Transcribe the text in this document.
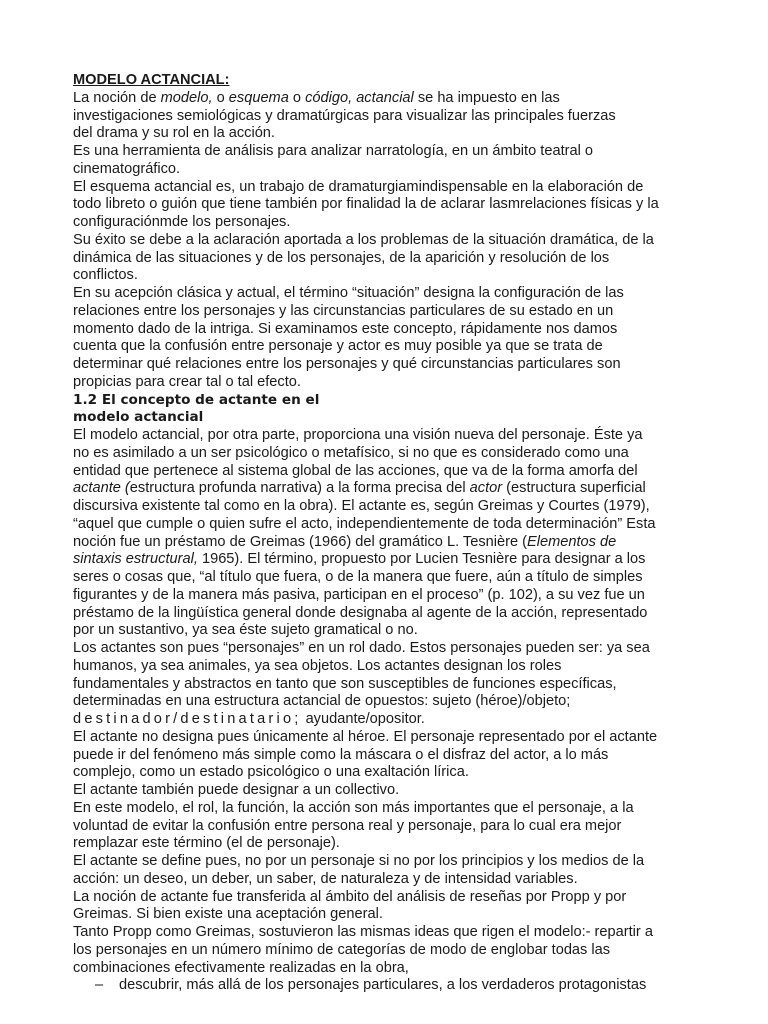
MODELO ACTANCIAL:

La noción de modelo, o esquema o código, actancial se ha impuesto en las
investigaciones semiológicas y dramatúrgicas para visualizar las principales fuerzas
del drama y su rol en la acción.

Es una herramienta de análisis para analizar narratología, en un ámbito teatral o
cinematográfico.

El esquema actancial es, un trabajo de dramaturgiamindispensable en la elaboración de
todo libreto o guión que tiene también por finalidad la de aclarar lasmrelaciones físicas y la
configuraciónmde los personajes.

Su éxito se debe a la aclaración aportada a los problemas de la situación dramática, de la
dinámica de las situaciones y de los personajes, de la aparición y resolución de los
conflictos.

En su acepción clásica y actual, el término “situación” designa la configuración de las
relaciones entre los personajes y las circunstancias particulares de su estado en un
momento dado de la intriga. Si examinamos este concepto, rápidamente nos damos
cuenta que la confusión entre personaje y actor es muy posible ya que se trata de
determinar qué relaciones entre los personajes y qué circunstancias particulares son
propicias para crear tal o tal efecto.

1.2 El concepto de actante en el
modelo actancial

El modelo actancial, por otra parte, proporciona una visión nueva del personaje. Éste ya
no es asimilado a un ser psicológico o metafísico, si no que es considerado como una
entidad que pertenece al sistema global de las acciones, que va de la forma amorfa del
actante (estructura profunda narrativa) a la forma precisa del actor (estructura superficial
discursiva existente tal como en la obra). El actante es, según Greimas y Courtes (1979),
“aquel que cumple o quien sufre el acto, independientemente de toda determinación” Esta
noción fue un préstamo de Greimas (1966) del gramático L. Tesnière (Elementos de
sintaxis estructural, 1965). El término, propuesto por Lucien Tesnière para designar a los
seres o cosas que, “al título que fuera, o de la manera que fuere, aún a título de simples
figurantes y de la manera más pasiva, participan en el proceso” (p. 102), a su vez fue un
préstamo de la lingüística general donde designaba al agente de la acción, representado
por un sustantivo, ya sea éste sujeto gramatical o no.

Los actantes son pues “personajes” en un rol dado. Estos personajes pueden ser: ya sea
humanos, ya sea animales, ya sea objetos. Los actantes designan los roles
fundamentales y abstractos en tanto que son susceptibles de funciones específicas,
determinadas en una estructura actancial de opuestos: sujeto (héroe)/objeto;
destinador/destinatario; ayudante/opositor.

El actante no designa pues únicamente al héroe. El personaje representado por el actante
puede ir del fenómeno más simple como la máscara o el disfraz del actor, a lo más
complejo, como un estado psicológico o una exaltación lírica.

El actante también puede designar a un collectivo.

En este modelo, el rol, la función, la acción son más importantes que el personaje, a la
voluntad de evitar la confusión entre persona real y personaje, para lo cual era mejor
remplazar este término (el de personaje).

El actante se define pues, no por un personaje si no por los principios y los medios de la
acción: un deseo, un deber, un saber, de naturaleza y de intensidad variables.

La noción de actante fue transferida al ámbito del análisis de reseñas por Propp y por
Greimas. Si bien existe una aceptación general.

Tanto Propp como Greimas, sostuvieron las mismas ideas que rigen el modelo:- repartir a
los personajes en un número mínimo de categorías de modo de englobar todas las
combinaciones efectivamente realizadas en la obra,

– descubrir, más allá de los personajes particulares, a los verdaderos protagonistas
